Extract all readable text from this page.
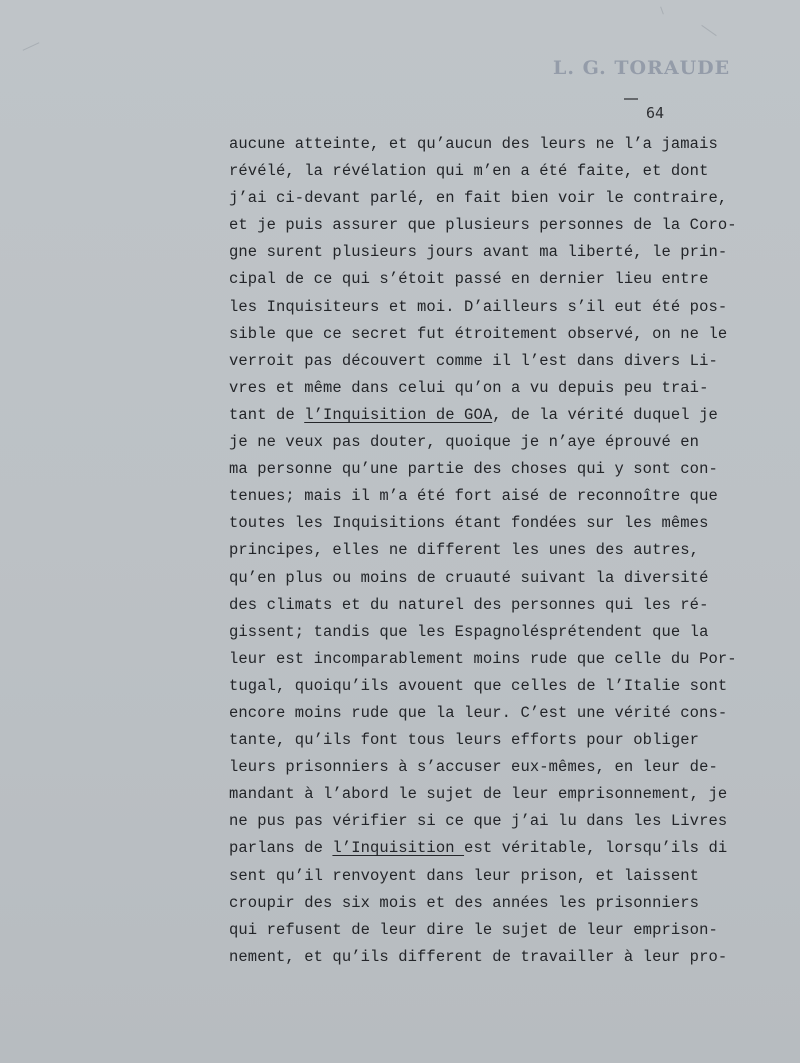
L. G. TORAUDE
64
aucune atteinte, et qu’aucun des leurs ne l’a jamais
révélé, la révélation qui m’en a été faite, et dont
j’ai ci-devant parlé, en fait bien voir le contraire,
et je puis assurer que plusieurs personnes de la Coro-
gne surent plusieurs jours avant ma liberté, le prin-
cipal de ce qui s’étoit passé en dernier lieu entre
les Inquisiteurs et moi. D’ailleurs s’il eut été pos-
sible que ce secret fut étroitement observé, on ne le
verroit pas découvert comme il l’est dans divers Li-
vres et même dans celui qu’on a vu depuis peu trai-
tant de l’Inquisition de GOA, de la vérité duquel je
je ne veux pas douter, quoique je n’aye éprouvé en
ma personne qu’une partie des choses qui y sont con-
tenues; mais il m’a été fort aisé de reconnoître que
toutes les Inquisitions étant fondées sur les mêmes
principes, elles ne different les unes des autres,
qu’en plus ou moins de cruauté suivant la diversité
des climats et du naturel des personnes qui les ré-
gissent; tandis que les Espagnolésprétendent que la
leur est incomparablement moins rude que celle du Por-
tugal, quoiqu’ils avouent que celles de l’Italie sont
encore moins rude que la leur. C’est une vérité cons-
tante, qu’ils font tous leurs efforts pour obliger
leurs prisonniers à s’accuser eux-mêmes, en leur de-
mandant à l’abord le sujet de leur emprisonnement, je
ne pus pas vérifier si ce que j’ai lu dans les Livres
parlans de l’Inquisition est véritable, lorsqu’ils di
sent qu’il renvoyent dans leur prison, et laissent
croupir des six mois et des années les prisonniers
qui refusent de leur dire le sujet de leur emprison-
nement, et qu’ils different de travailler à leur pro-
